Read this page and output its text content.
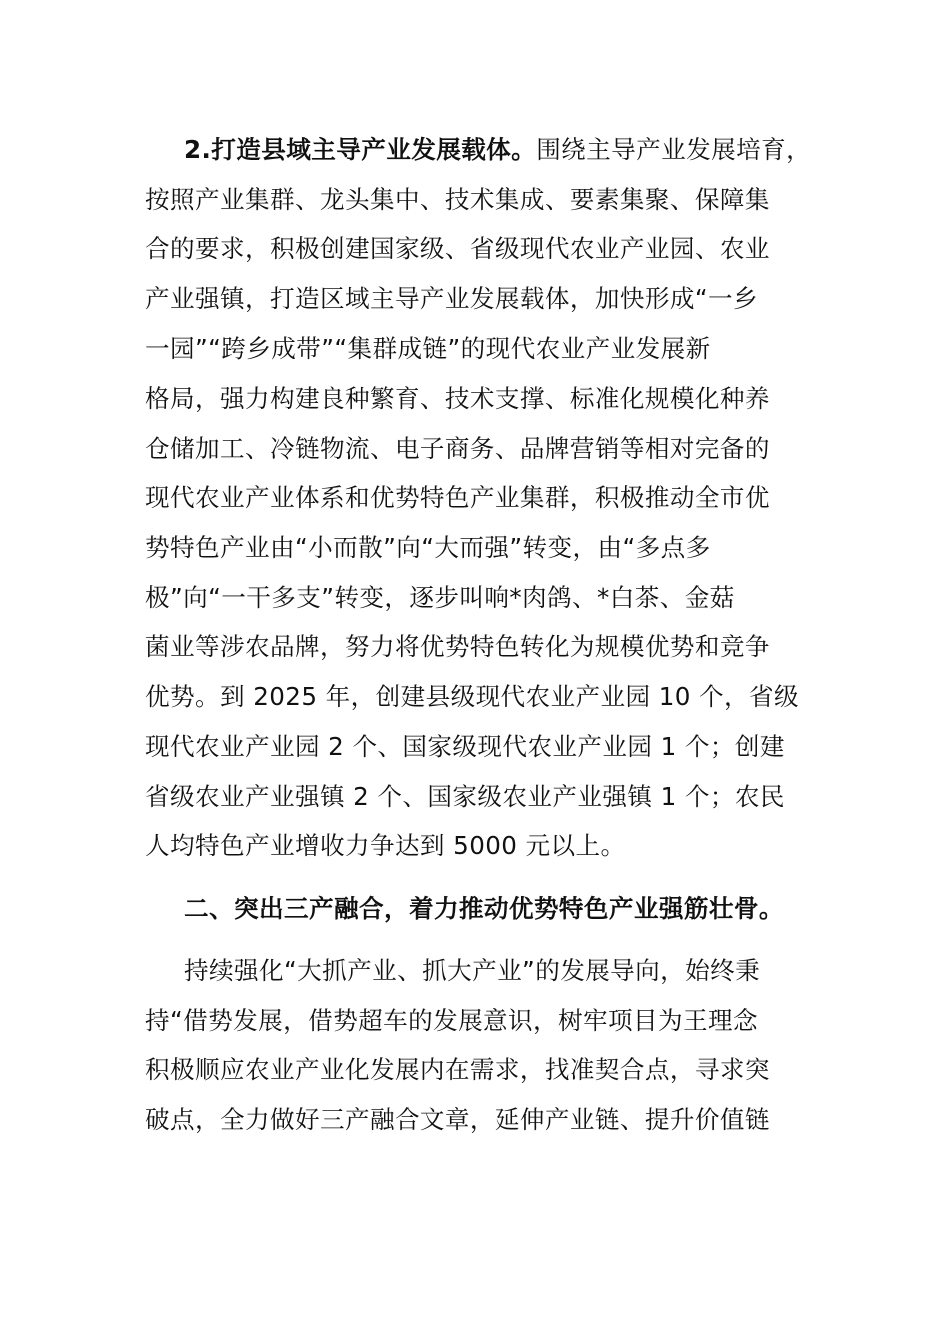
2.打造县域主导产业发展载体。围绕主导产业发展培育，
按照产业集群、龙头集中、技术集成、要素集聚、保障集
合的要求，积极创建国家级、省级现代农业产业园、农业
产业强镇，打造区域主导产业发展载体，加快形成“一乡
一园”“跨乡成带”“集群成链”的现代农业产业发展新
格局，强力构建良种繁育、技术支撑、标准化规模化种养
仓储加工、冷链物流、电子商务、品牌营销等相对完备的
现代农业产业体系和优势特色产业集群，积极推动全市优
势特色产业由“小而散”向“大而强”转变，由“多点多
极”向“一干多支”转变，逐步叫响*肉鸽、*白茶、金菇
菌业等涉农品牌，努力将优势特色转化为规模优势和竞争
优势。到 2025 年，创建县级现代农业产业园 10 个，省级
现代农业产业园 2 个、国家级现代农业产业园 1 个；创建
省级农业产业强镇 2 个、国家级农业产业强镇 1 个；农民
人均特色产业增收力争达到 5000 元以上。
二、突出三产融合，着力推动优势特色产业强筋壮骨。
持续强化“大抓产业、抓大产业”的发展导向，始终秉
持“借势发展，借势超车的发展意识，树牢项目为王理念
积极顺应农业产业化发展内在需求，找准契合点，寻求突
破点，全力做好三产融合文章，延伸产业链、提升价值链
